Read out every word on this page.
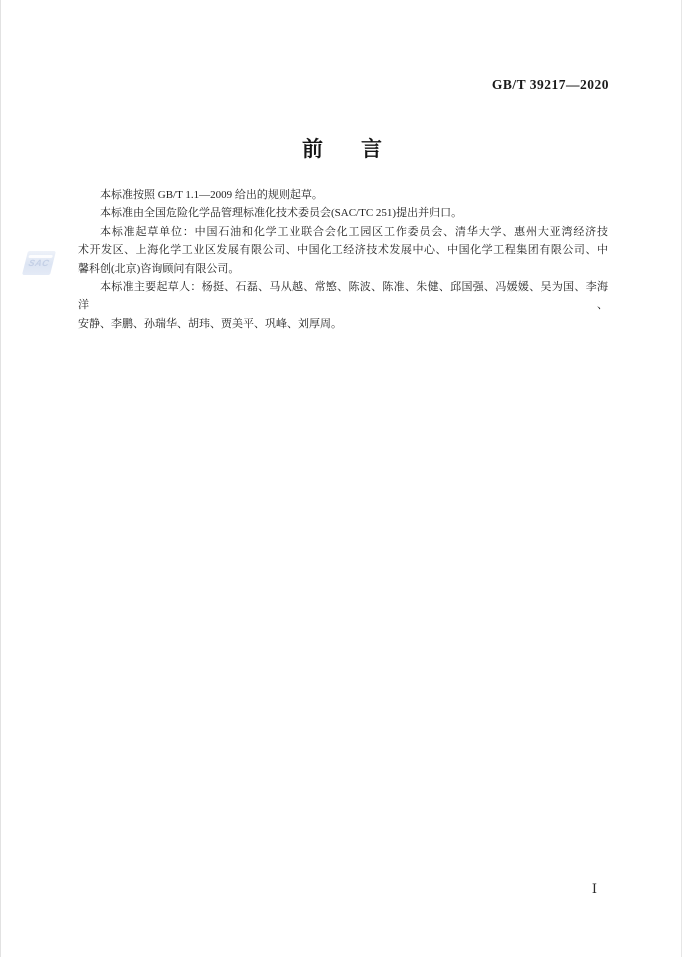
GB/T 39217—2020
前 言
SAC
本标准按照 GB/T 1.1—2009 给出的规则起草。
本标准由全国危险化学品管理标准化技术委员会(SAC/TC 251)提出并归口。
本标准起草单位：中国石油和化学工业联合会化工园区工作委员会、清华大学、惠州大亚湾经济技
术开发区、上海化学工业区发展有限公司、中国化工经济技术发展中心、中国化学工程集团有限公司、中
馨科创(北京)咨询顾问有限公司。
本标准主要起草人：杨挺、石磊、马从越、常慜、陈波、陈准、朱健、邱国强、冯媛媛、吴为国、李海洋、
安静、李鹏、孙瑞华、胡玮、贾美平、巩峰、刘厚周。
Ⅰ
